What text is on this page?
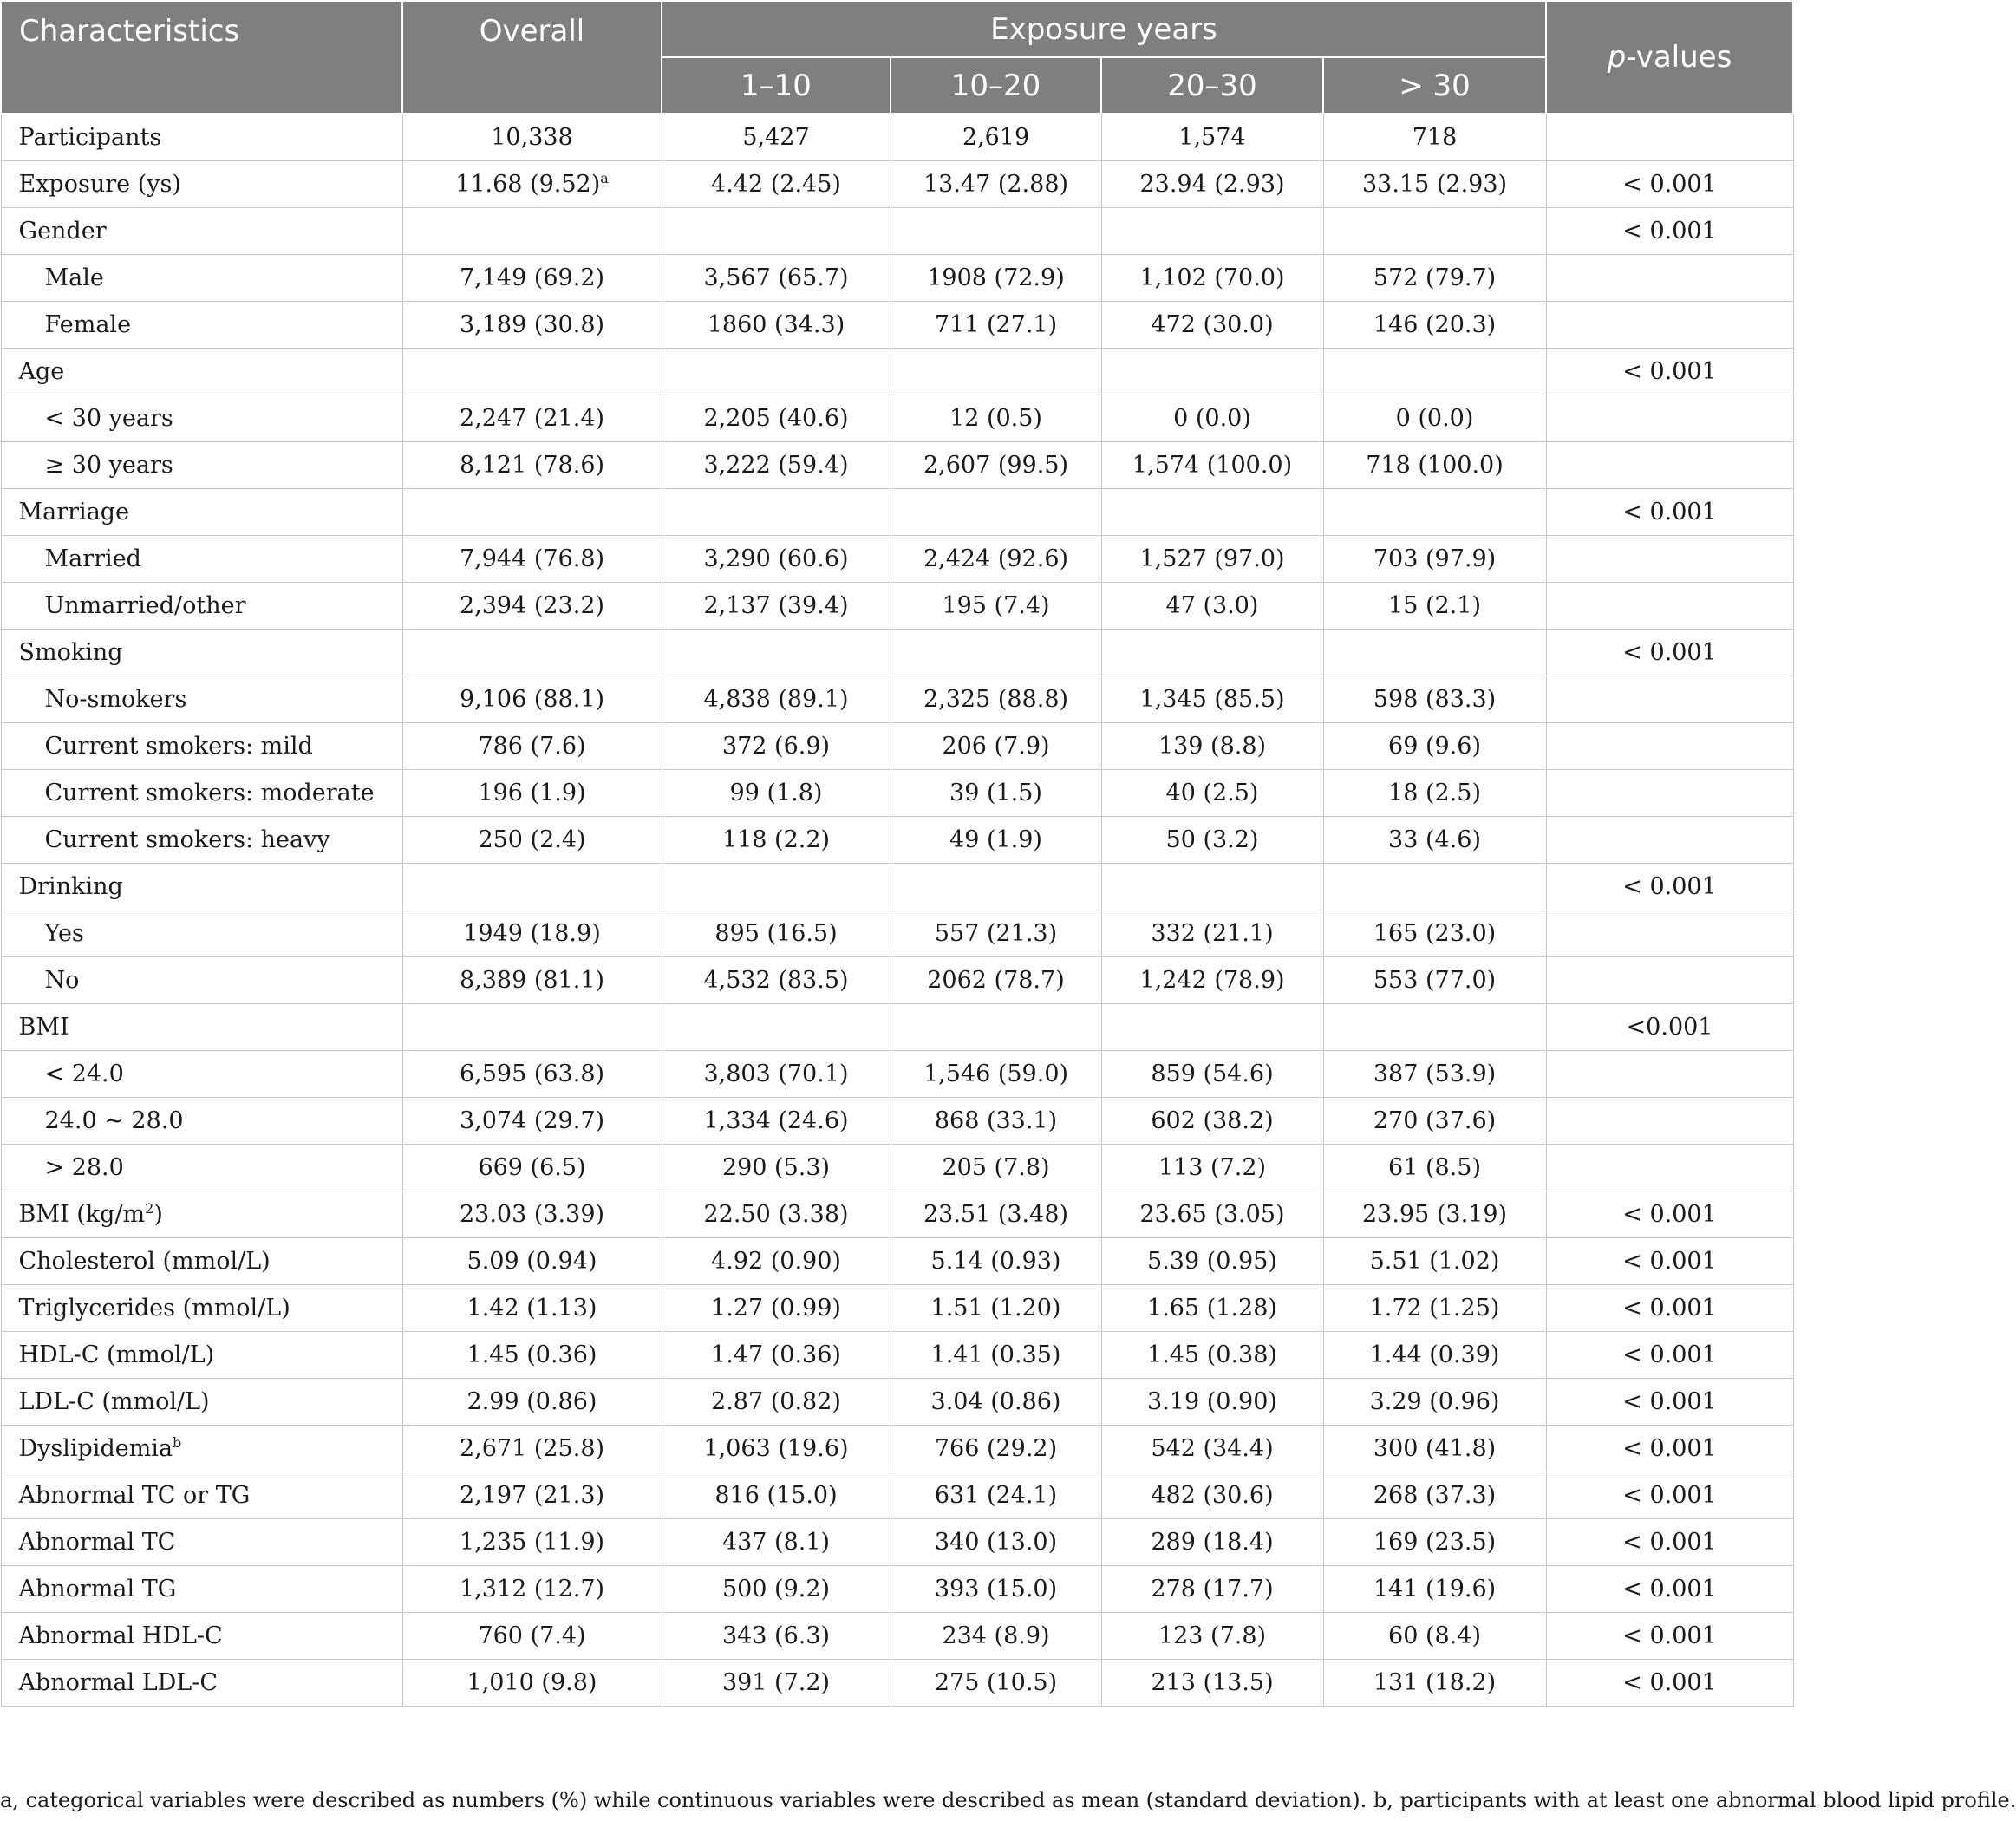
Characteristics	Overall	Exposure years				p-values
		1–10	10–20	20–30	> 30	
Participants	10,338	5,427	2,619	1,574	718	
Exposure (ys)	11.68 $(9.52)^a$	4.42 (2.45)	13.47 (2.88)	23.94 (2.93)	33.15 (2.93)	< 0.001
Gender						< 0.001
Male	7,149 (69.2)	3,567 (65.7)	1908 (72.9)	1,102 (70.0)	572 (79.7)	
Female	3,189 (30.8)	1860 (34.3)	711 (27.1)	472 (30.0)	146 (20.3)	
Age						< 0.001
< 30 years	2,247 (21.4)	2,205 (40.6)	12 (0.5)	0 (0.0)	0 (0.0)	
≥ 30 years	8,121 (78.6)	3,222 (59.4)	2,607 (99.5)	1,574 (100.0)	718 (100.0)	
Marriage						< 0.001
Married	7,944 (76.8)	3,290 (60.6)	2,424 (92.6)	1,527 (97.0)	703 (97.9)	
Unmarried/other	2,394 (23.2)	2,137 (39.4)	195 (7.4)	47 (3.0)	15 (2.1)	
Smoking						< 0.001
No-smokers	9,106 (88.1)	4,838 (89.1)	2,325 (88.8)	1,345 (85.5)	598 (83.3)	
Current smokers: mild	786 (7.6)	372 (6.9)	206 (7.9)	139 (8.8)	69 (9.6)	
Current smokers: moderate	196 (1.9)	99 (1.8)	39 (1.5)	40 (2.5)	18 (2.5)	
Current smokers: heavy	250 (2.4)	118 (2.2)	49 (1.9)	50 (3.2)	33 (4.6)	
Drinking						< 0.001
Yes	1949 (18.9)	895 (16.5)	557 (21.3)	332 (21.1)	165 (23.0)	
No	8,389 (81.1)	4,532 (83.5)	2062 (78.7)	1,242 (78.9)	553 (77.0)	
BMI						<0.001
< 24.0	6,595 (63.8)	3,803 (70.1)	1,546 (59.0)	859 (54.6)	387 (53.9)	
24.0 ~ 28.0	3,074 (29.7)	1,334 (24.6)	868 (33.1)	602 (38.2)	270 (37.6)	
> 28.0	669 (6.5)	290 (5.3)	205 (7.8)	113 (7.2)	61 (8.5)	
BMI $(kg/m^2)$	23.03 (3.39)	22.50 (3.38)	23.51 (3.48)	23.65 (3.05)	23.95 (3.19)	< 0.001
Cholesterol (mmol/L)	5.09 (0.94)	4.92 (0.90)	5.14 (0.93)	5.39 (0.95)	5.51 (1.02)	< 0.001
Triglycerides (mmol/L)	1.42 (1.13)	1.27 (0.99)	1.51 (1.20)	1.65 (1.28)	1.72 (1.25)	< 0.001
HDL-C (mmol/L)	1.45 (0.36)	1.47 (0.36)	1.41 (0.35)	1.45 (0.38)	1.44 (0.39)	< 0.001
LDL-C (mmol/L)	2.99 (0.86)	2.87 (0.82)	3.04 (0.86)	3.19 (0.90)	3.29 (0.96)	< 0.001
Dyslipidemia$^b$	2,671 (25.8)	1,063 (19.6)	766 (29.2)	542 (34.4)	300 (41.8)	< 0.001
Abnormal TC or TG	2,197 (21.3)	816 (15.0)	631 (24.1)	482 (30.6)	268 (37.3)	< 0.001
Abnormal TC	1,235 (11.9)	437 (8.1)	340 (13.0)	289 (18.4)	169 (23.5)	< 0.001
Abnormal TG	1,312 (12.7)	500 (9.2)	393 (15.0)	278 (17.7)	141 (19.6)	< 0.001
Abnormal HDL-C	760 (7.4)	343 (6.3)	234 (8.9)	123 (7.8)	60 (8.4)	< 0.001
Abnormal LDL-C	1,010 (9.8)	391 (7.2)	275 (10.5)	213 (13.5)	131 (18.2)	< 0.001
a, categorical variables were described as numbers (%) while continuous variables were described as mean (standard deviation). b, participants with at least one abnormal blood lipid profile.
